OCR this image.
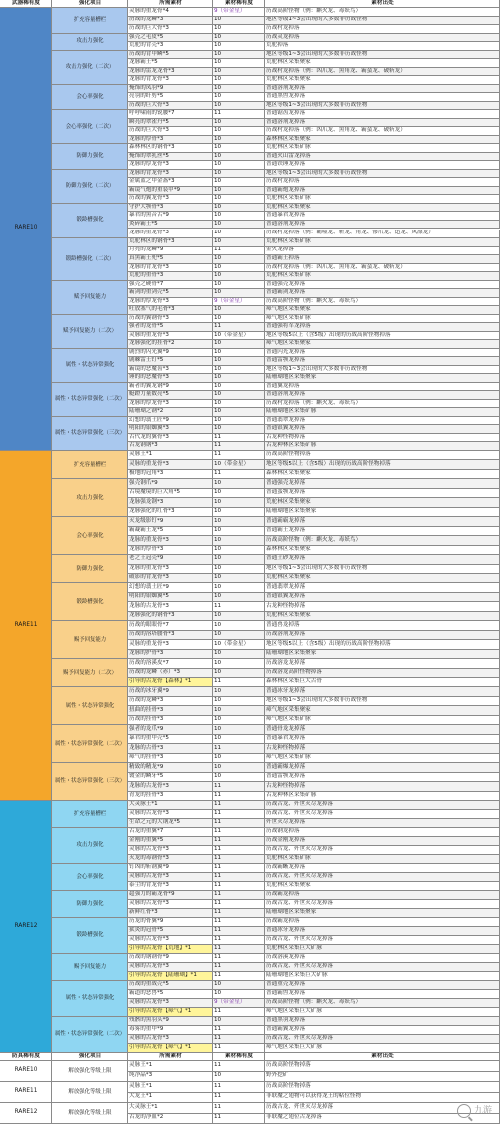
武器稀有度	强化项目	所需素材	素材稀有度	素材出处
RARE10
扩充容量槽栏
灵脉的重龙骨*4	9（带金星）	历战高阶怪物（例：麒火龙、毒妖鸟）
历战的龙鳞*3	10	地区等级1~3会出现的大多数非历战怪物
历战的巨大骨*3	10	历战村龙掉落
攻击力强化
强壳之毛皮*5	10	历战灵龙掉落
荒驼的背壳*3	10	荒驼掉落
攻击力强化（二次）
历战的背甲鳞*5	10	地区等级1~3会出现的大多数非历战怪物
龙脉霸王*5	10	荒驼林区采集聚家
龙脉的雷龙龙骨*3	10	历战村龙掉落（例：凶爪龙、黑角龙、霸蛮龙、破斩龙）
龙脉的背龙骨*3	10	荒驼林区采集聚家
会心率强化
掩饰的凤羽*9	10	普通溶剂龙掉落
亮羽的纤剪*5	10	普通黑兽龙掉落
历战的巨大骨*3	10	地区等级1~3会出现的大多数非历战怪物
会心率强化（二次）
呼呼啸雨的锐腰*7	11	普通锯齿龙掉落
瞬亮的翠雀丹*5	10	普通溶剂龙掉落
历战的巨大骨*3	10	历战村龙掉落（例：凶爪龙、黑角龙、霸蛮龙、破斩龙）
龙脉的厚骨*3	10	森林林区采集聚家
防御力强化
森林林区的钢骨*3	10	荒驼林区采集矿脉
掩饰的翠乳丝*5	10	普通火山雷龙掉落
龙脉的厚龙骨*3	10	普通铁锤龙掉落
防御力强化（二次）
龙脉的背龙骨*3	10	地区等级1~3会出现的大多数非历战怪物
金属蓝之甲金盔*3	10	历战村龙掉落
霸镜气炮的重装甲*9	10	普通霸炮龙掉落
历战的翼龙骨*3	10	荒驼林区采集矿脉
锻龄槽强化
守护大颚骨*3	10	荒驼林区采集聚家
暴君的黑音舌*9	10	普通暴君龙掉落
炎碎霸王*5	10	普通溶剂龙掉落
龙脉的重龙骨*3	10	历战村龙掉落（例：霸噬龙、斩龙、角龙、惨爪龙、迅龙、风漂龙）
锻龄槽强化（二次）
荒驼林区的钢骨*3	10	荒驼林区采集矿脉
月亮的龙鳞*9	11	金火龙掉落
真黑霸王兜*5	10	普通霸王掉落
龙脉的背龙骨*3	10	历战村龙掉落（例：凶爪龙、黑角龙、霸蛮龙、破斩龙）
荒驼的重骨*3	10	荒驼林区采集矿脉
赋予回复能力
强壳之硬骨*7	10	普通强壳龙掉落
霸剑的重剑壳*5	10	普通霸剑龙掉落
龙脉的厚龙骨*3	9（带金星）	历战高阶怪物（例：麒火龙、毒妖鸟）
吐放塞气的毛骨*3	10	瘴气地区采集聚家
赋予回复能力（二次）
历战的翼钢骨*3	10	瘴气地区采集矿脉
强者的龙骨*5	11	普通强将军龙掉落
灵脉的重龙骨*3	10（带金星）	地区等级5以上（含5级）出现的历战高阶怪物掉落
龙脉强化的挂骨*2	10	瘴气地区采集聚家
属性・状态异常强化
剧烈的闪光翼*9	10	普通闪光龙掉落
剧棘雷王钉*5	10	普通雷颚龙掉落
霸镜的恶魔齿*3	10	地区等级1~3会出现的大多数非历战怪物
锤的的恶魔骨*3	10	陆珊瑚地区采集聚家
属性・状态异常强化（二次）
霸者的翼龙钢*9	10	普通翼龙掉落
艇蹬力量数亮*5	10	普通溶剂龙掉落
龙脉的厚龙骨*3	10	历战村龙掉落（例：麒火龙、毒妖鸟）
陆珊瑚之钢*2	10	陆珊瑚地区采集矿脉
属性・状态异常强化（三次）
幻想的翡土匠*9	10	普通翡翠龙掉落
明阳的银蜘翼*3	10	普通银翼龙掉落
古代龙的翼骨*3	11	古龙种怪物掉落
古龙钢钢*3	11	古龙种林区采集矿脉
RARE11
扩充容量槽栏
灵脉王*1	11	历战高阶怪物掉落
灵脉的重龙骨*3	10（带金星）	地区等级5以上（含5级）出现的历战高阶怪物掉落
极地的冠角*3	11	森林林区采集聚家
攻击力强化
强壳钢爪*9	10	普通强壳龙掉落
古境魔境的巨大角*5	10	普通蛮颚龙掉落
龙脉强龙钢*3	10	荒驼林区采集聚家
龙脉强化的红骨*3	10	陆珊瑚地区采集聚家
会心率强化
灭龙级影钉*9	10	普通霸霸龙掉落
霸凝霸王龙*5	10	普通霸王龙掉落
龙脉的重龙骨*3	10	历战高阶怪物（例：麒火龙、毒妖鸟）
龙脉的厚骨*3	10	森林林区采集聚家
防御力强化
老之王冠壳*9	10	普通土砂龙掉落
龙脉的重龙骨*3	10	地区等级1~3会出现的大多数非历战怪物
破影的背龙骨*3	10	荒驼林区采集聚家
锻龄槽强化
幻想的翡土匠*9	10	普通翡翠龙掉落
明阳的银蜘翼*5	10	普通银翼龙掉落
龙脉的古龙骨*3	11	古龙种怪物掉落
龙脉强化的钢骨*3	10	荒驼林区采集聚家
赐予回复能力
历战的眼眼骨*7	10	普通兽龙掉落
历战的溶塔腰骨*3	10	历战溶剂龙掉落
灵脉的重龙骨*3	10（带金星）	地区等级5以上（含5级）出现的历战高阶怪物掉落
龙脉的护骨*3	10	陆珊瑚地区采集聚家
赐予回复能力（二次）
历战的溶溪皮*7	10	历战溶龙龙掉落
历战的龙鳞（赤）*3	10	历战溶龙高阶怪物掉落
引导的古龙骨【森林】*1	11	森林林区采集巨大古骨
属性・状态异常强化
历战的冰牙翼*9	10	普通冰牙龙掉落
历战的龙鳞*3	10	地区等级1~3会出现的大多数非历战怪物
扭曲的挂骨*3	10	瘴气地区采集聚家
历战的挂骨*3	10	瘴气地区采集矿脉
属性・状态异常强化（二次）
强者的龙爪*9	10	普通骨龙龙掉落
暴君的重甲壳*5	10	普通暴君龙掉落
龙脉的古骨*3	11	古龙种怪物掉落
瘴气的挂骨*3	10	瘴气地区采集矿脉
属性・状态异常强化（三次）
精致的精龙*9	10	普通霸爆龙掉落
镀金的鳞牙*5	10	普通雷颚龙掉落
龙脉的古龙骨*3	11	古龙种怪物掉落
青龙的挂骨*3	11	古龙种林区采集矿脉
RARE12
扩充容量槽栏
大灵脉王*1	11	历战古龙、歼世灭尽龙掉落
灵脉的古龙骨*3	11	历战古龙、歼世灭尽龙掉落
生命之元的大钢龙*5	11	歼世灭尽龙掉落
攻击力强化
古龙的重翼*7	11	历战钢龙掉落
金刚的重翼*5	11	历战金刚龙掉落
灵脉的古龙骨*3	11	历战古龙、歼世灭尽龙掉落
灭龙的毒钢骨*3	11	荒驼林区采集矿脉
会心率强化
钉凶的斩钢翼*9	11	历战霸蜥龙掉落
灵脉的古龙骨*3	11	历战古龙、歼世灭尽龙掉落
泰尘的背龙骨*3	11	荒驼林区采集聚家
防御力强化
超强力的霸龙骨*9	11	历战霸龙掉落
灵脉的古龙骨*3	11	历战古龙、歼世灭尽龙掉落
新鲜红骨*3	11	陆珊瑚地区采集聚家
锻龄槽强化
历龙的骨翼*9	11	历战霸龙掉落
狱炎的冠骨*5	11	普通冰牙龙掉落
灵脉的古龙骨*3	11	历战古龙、歼世灭尽龙掉落
引导的古龙骨【荒地】*1	11	荒驼林区采集巨大矿脉
赐予回复能力
历战的钢钢骨*9	11	历战溶溪龙掉落
灵脉的古龙骨*3	11	历战古龙、歼世灭尽龙掉落
引导的古龙骨【陆珊瑚】*1	11	陆珊瑚地区采集巨大矿脉
属性・状态异常强化
历战的重战壳*5	10	普通重壳龙掉落
霸道的恶兽*5	10	普通霸兽龙掉落
灵脉的古龙骨*3	9（带金星）	历战高阶怪物（例：麒火龙、毒妖鸟）
引导的古龙骨【瘴气】*1	11	瘴气地区采集巨大矿脉
属性・状态异常强化（二次）
残骸的黑羽头*9	10	普通黑羽龙掉落
毒雾的重甲*9	11	普通霸翼龙掉落
灵脉的古龙骨*3	11	历战古龙、歼世灭尽龙掉落
引导的古龙骨【瘴气】*1	11	瘴气地区采集巨大矿脉
防具稀有度	强化项目	所需素材	素材稀有度	素材出处
RARE10	解放强化等级上限
灵脉王*1	11	历战高阶怪物掉落
纯净晶*3	10	野外挖矿
RARE11	解放强化等级上限
灵脉王*1	11	历战高阶怪物掉落
大龙王*1	11	非联魔之翅物可以获得龙王的粘位怪物
RARE12	解放强化等级上限
大灵脉王*1	11	历战古龙、歼世灭尽龙掉落
古龙的净血*2	11	非联魔之翅位古龙掉落
九游
